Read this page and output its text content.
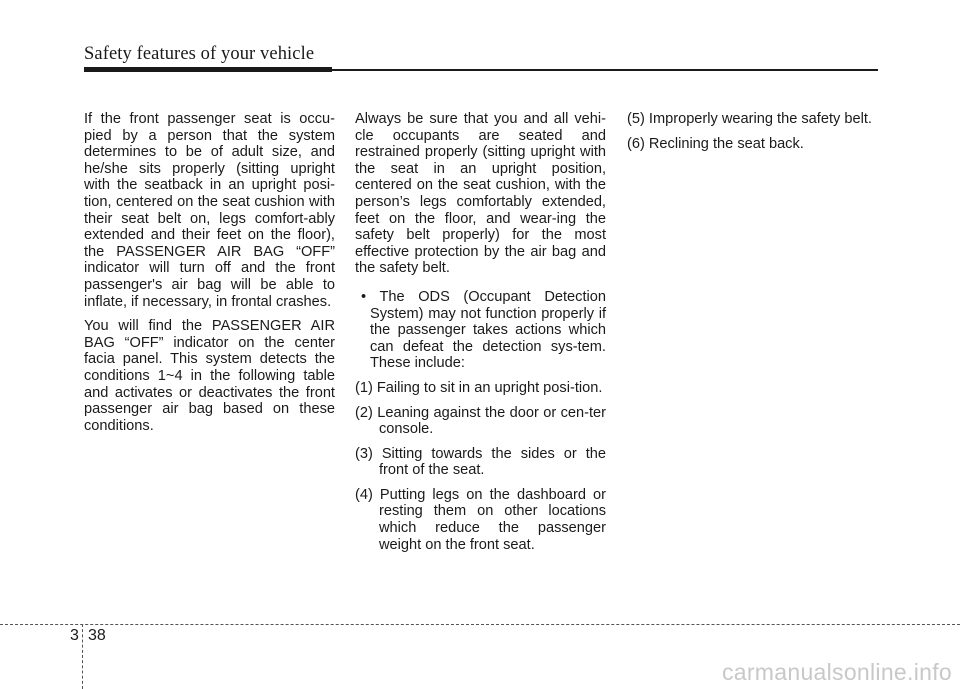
Safety features of your vehicle

If the front passenger seat is occu-pied by a person that the system determines to be of adult size, and he/she sits properly (sitting upright with the seatback in an upright posi-tion, centered on the seat cushion with their seat belt on, legs comfort-ably extended and their feet on the floor), the PASSENGER AIR BAG “OFF” indicator will turn off and the front passenger's air bag will be able to inflate, if necessary, in frontal crashes.

You will find the PASSENGER AIR BAG “OFF” indicator on the center facia panel. This system detects the conditions 1~4 in the following table and activates or deactivates the front passenger air bag based on these conditions.

Always be sure that you and all vehi-cle occupants are seated and restrained properly (sitting upright with the seat in an upright position, centered on the seat cushion, with the person’s legs comfortably extended, feet on the floor, and wear-ing the safety belt properly) for the most effective protection by the air bag and the safety belt.

• The ODS (Occupant Detection System) may not function properly if the passenger takes actions which can defeat the detection sys-tem. These include:

(1) Failing to sit in an upright posi-tion.

(2) Leaning against the door or cen-ter console.

(3) Sitting towards the sides or the front of the seat.

(4) Putting legs on the dashboard or resting them on other locations which reduce the passenger weight on the front seat.

(5) Improperly wearing the safety belt.

(6) Reclining the seat back.

3 38
carmanualsonline.info
